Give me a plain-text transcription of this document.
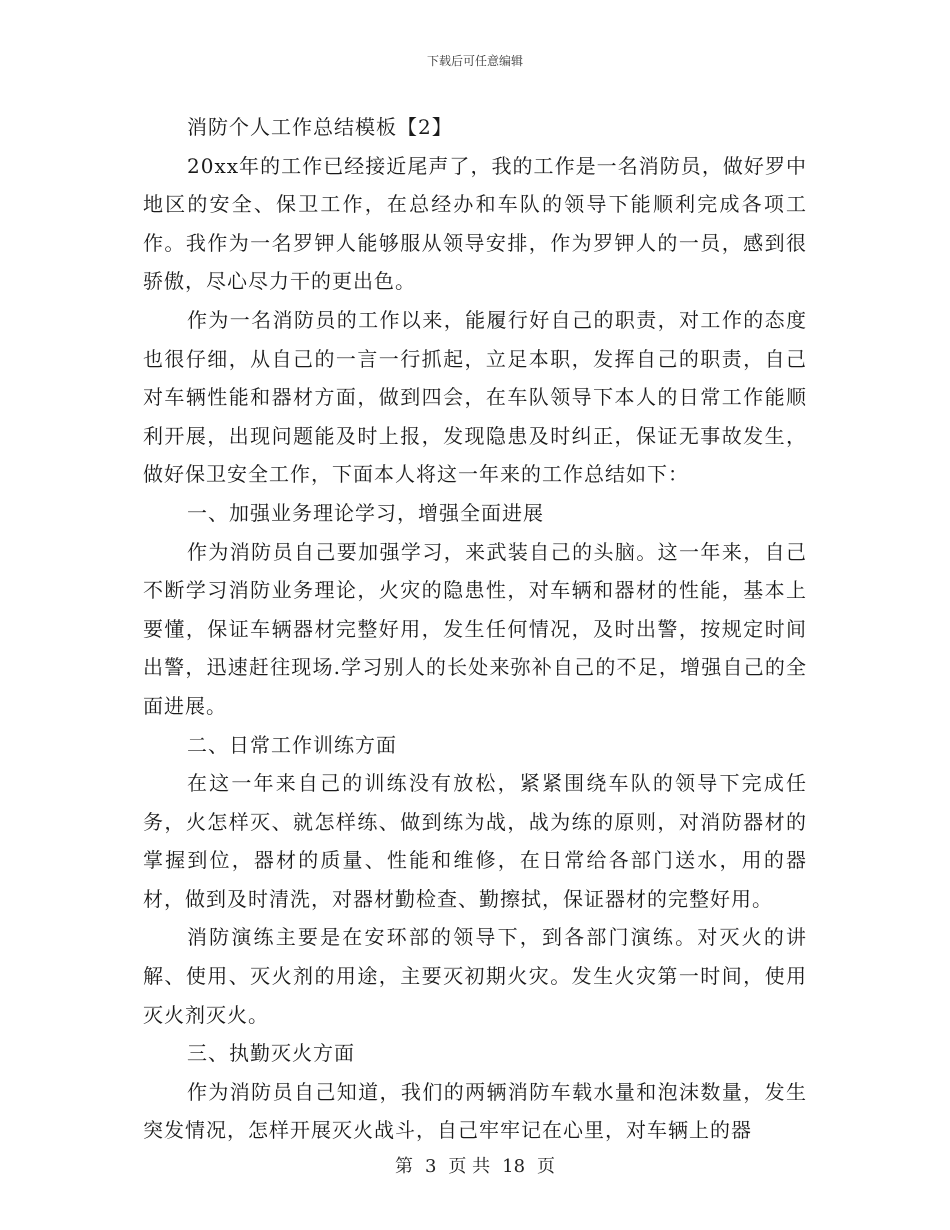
下载后可任意编辑

消防个人工作总结模板【2】

20xx年的工作已经接近尾声了，我的工作是一名消防员，做好罗中地区的安全、保卫工作，在总经办和车队的领导下能顺利完成各项工作。我作为一名罗钾人能够服从领导安排，作为罗钾人的一员，感到很骄傲，尽心尽力干的更出色。

作为一名消防员的工作以来，能履行好自己的职责，对工作的态度也很仔细，从自己的一言一行抓起，立足本职，发挥自己的职责，自己对车辆性能和器材方面，做到四会，在车队领导下本人的日常工作能顺利开展，出现问题能及时上报，发现隐患及时纠正，保证无事故发生，做好保卫安全工作，下面本人将这一年来的工作总结如下：

一、加强业务理论学习，增强全面进展

作为消防员自己要加强学习，来武装自己的头脑。这一年来，自己不断学习消防业务理论，火灾的隐患性，对车辆和器材的性能，基本上要懂，保证车辆器材完整好用，发生任何情况，及时出警，按规定时间出警，迅速赶往现场.学习别人的长处来弥补自己的不足，增强自己的全面进展。

二、日常工作训练方面

在这一年来自己的训练没有放松，紧紧围绕车队的领导下完成任务，火怎样灭、就怎样练、做到练为战，战为练的原则，对消防器材的掌握到位，器材的质量、性能和维修，在日常给各部门送水，用的器材，做到及时清洗，对器材勤检查、勤擦拭，保证器材的完整好用。

消防演练主要是在安环部的领导下，到各部门演练。对灭火的讲解、使用、灭火剂的用途，主要灭初期火灾。发生火灾第一时间，使用灭火剂灭火。

三、执勤灭火方面

作为消防员自己知道，我们的两辆消防车载水量和泡沫数量，发生突发情况，怎样开展灭火战斗，自己牢牢记在心里，对车辆上的器

第 3 页 共 18 页
